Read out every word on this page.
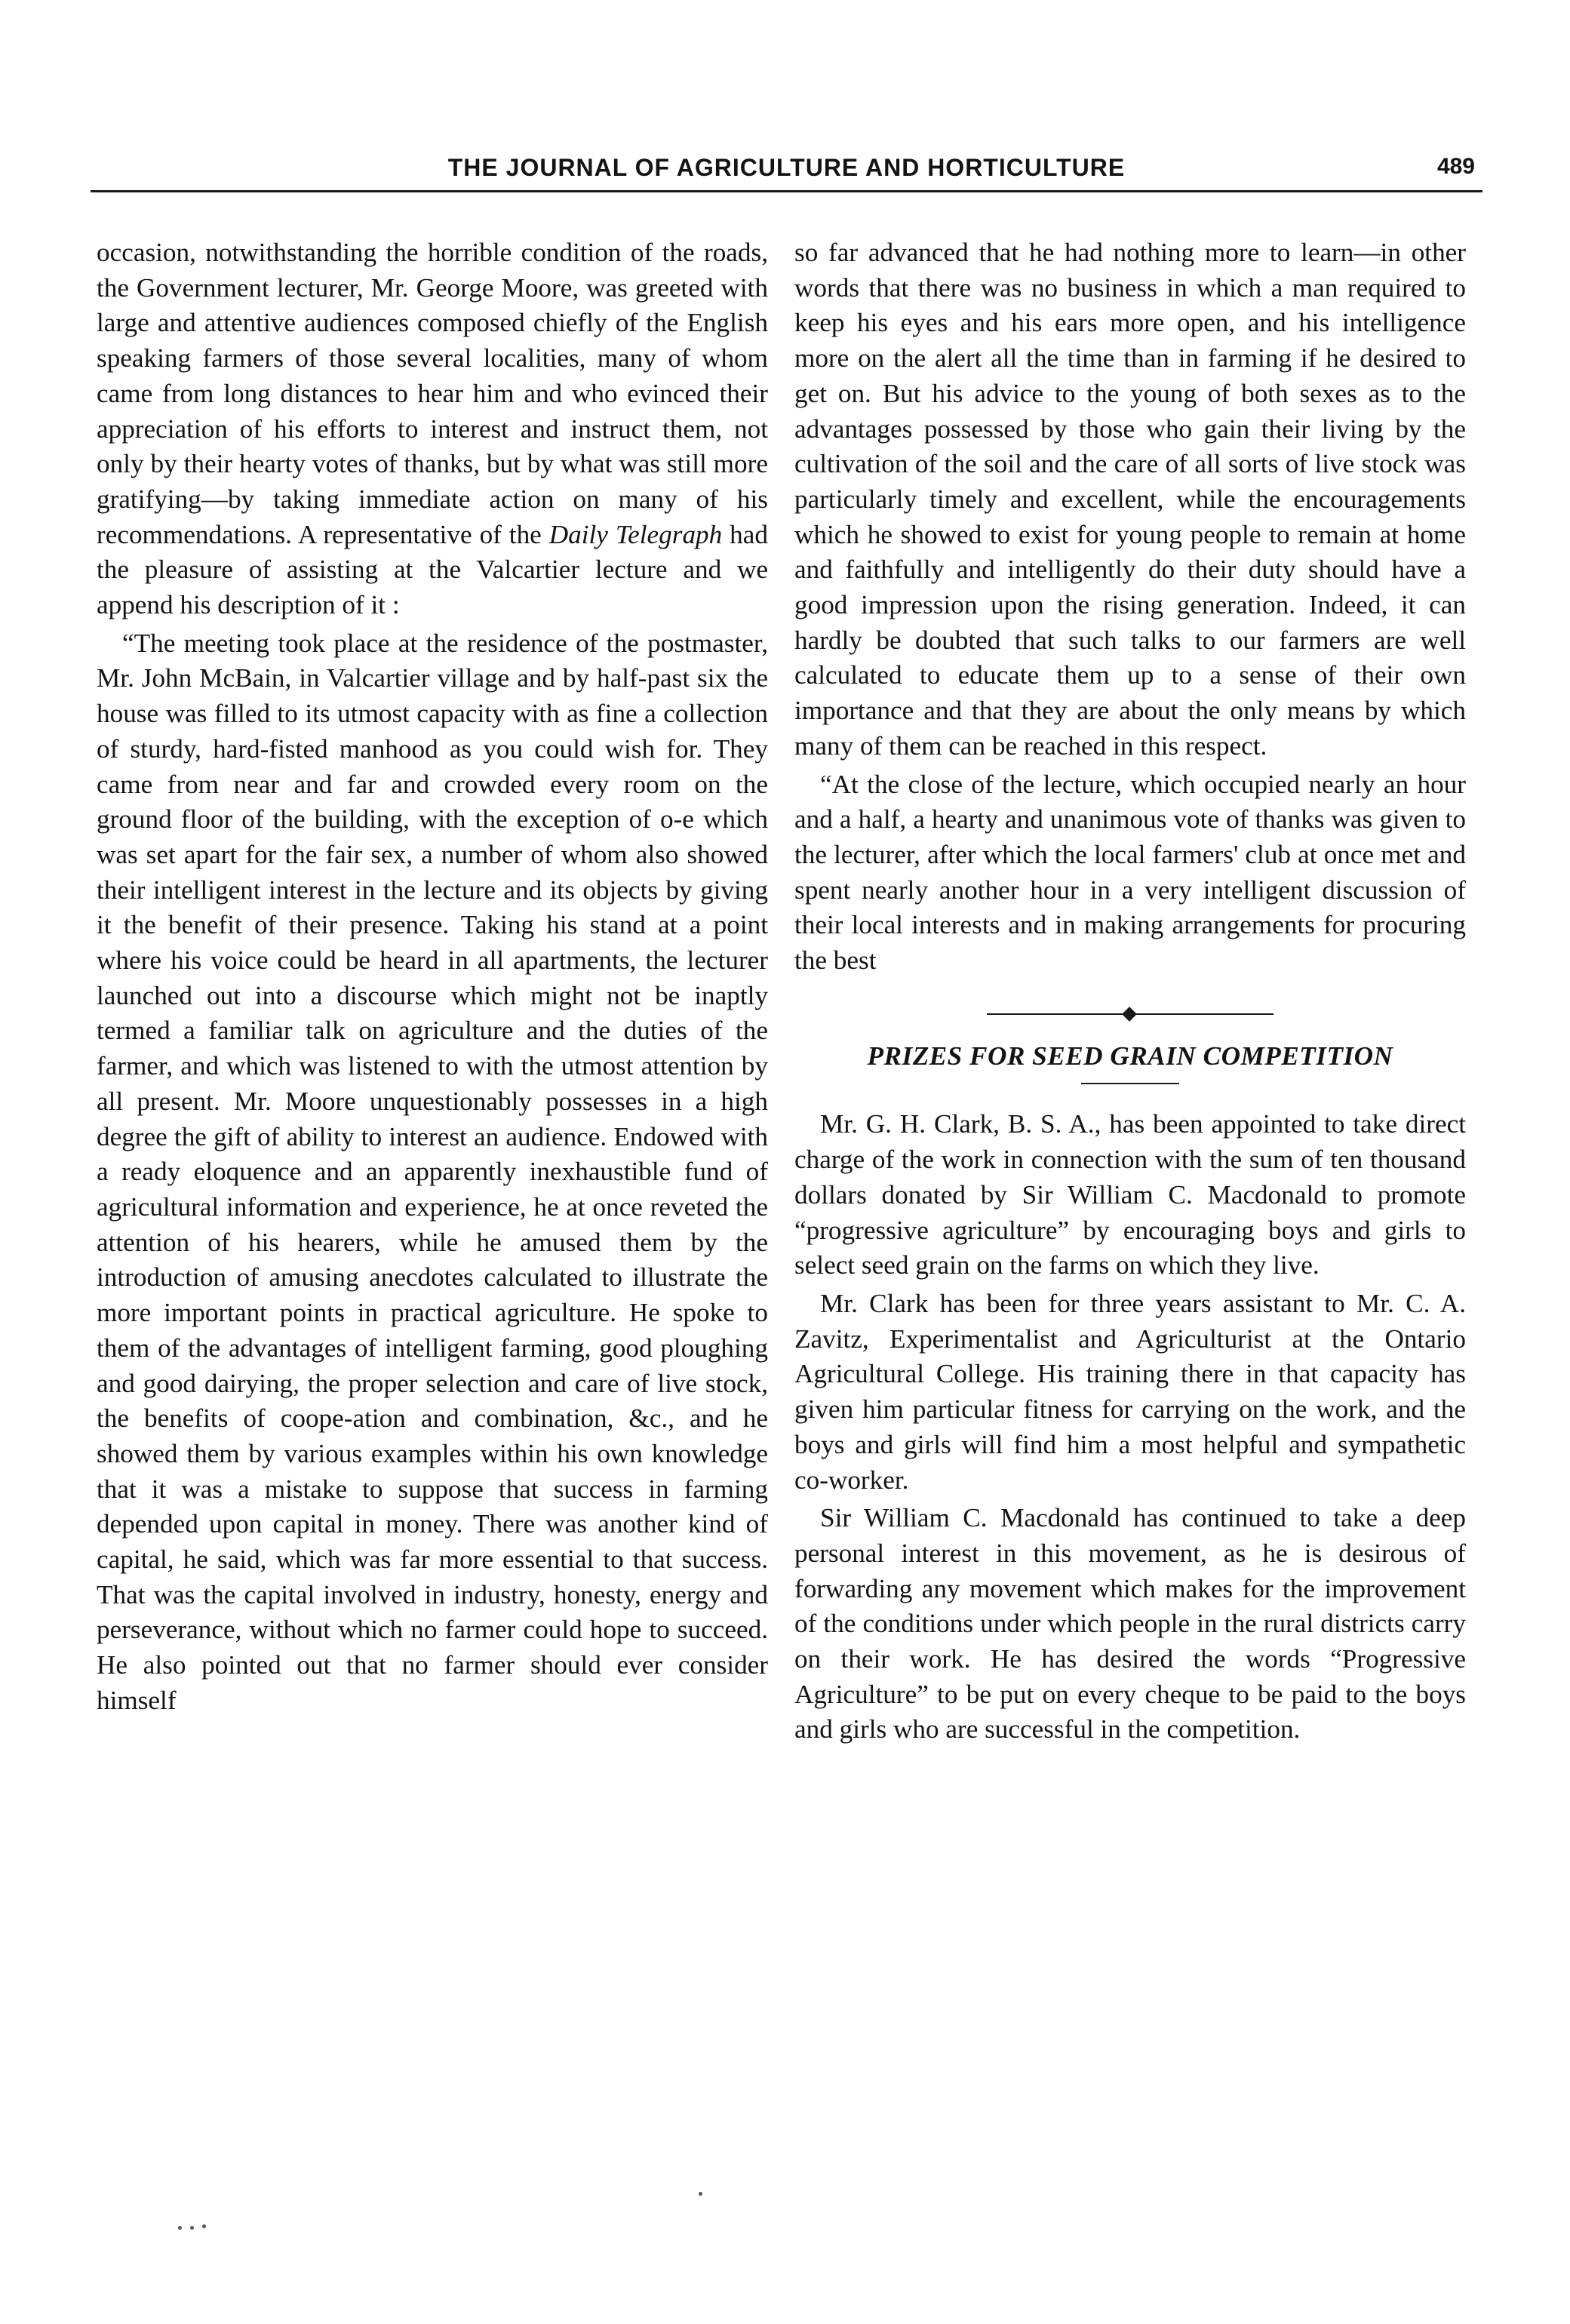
THE JOURNAL OF AGRICULTURE AND HORTICULTURE	489

occasion, notwithstanding the horrible condition of the roads, the Government lecturer, Mr. George Moore, was greeted with large and attentive audiences composed chiefly of the English speaking farmers of those several localities, many of whom came from long distances to hear him and who evinced their appreciation of his efforts to interest and instruct them, not only by their hearty votes of thanks, but by what was still more gratifying—by taking immediate action on many of his recommendations. A representative of the Daily Telegraph had the pleasure of assisting at the Valcartier lecture and we append his description of it :

“The meeting took place at the residence of the postmaster, Mr. John McBain, in Valcartier village and by half-past six the house was filled to its utmost capacity with as fine a collection of sturdy, hard-fisted manhood as you could wish for. They came from near and far and crowded every room on the ground floor of the building, with the exception of o-e which was set apart for the fair sex, a number of whom also showed their intelligent interest in the lecture and its objects by giving it the benefit of their presence. Taking his stand at a point where his voice could be heard in all apartments, the lecturer launched out into a discourse which might not be inaptly termed a familiar talk on agriculture and the duties of the farmer, and which was listened to with the utmost attention by all present. Mr. Moore unquestionably possesses in a high degree the gift of ability to interest an audience. Endowed with a ready eloquence and an apparently inexhaustible fund of agricultural information and experience, he at once reveted the attention of his hearers, while he amused them by the introduction of amusing anecdotes calculated to illustrate the more important points in practical agriculture. He spoke to them of the advantages of intelligent farming, good ploughing and good dairying, the proper selection and care of live stock, the benefits of coope-ation and combination, &c., and he showed them by various examples within his own knowledge that it was a mistake to suppose that success in farming depended upon capital in money. There was another kind of capital, he said, which was far more essential to that success. That was the capital involved in industry, honesty, energy and perseverance, without which no farmer could hope to succeed. He also pointed out that no farmer should ever consider himself

so far advanced that he had nothing more to learn—in other words that there was no business in which a man required to keep his eyes and his ears more open, and his intelligence more on the alert all the time than in farming if he desired to get on. But his advice to the young of both sexes as to the advantages possessed by those who gain their living by the cultivation of the soil and the care of all sorts of live stock was particularly timely and excellent, while the encouragements which he showed to exist for young people to remain at home and faithfully and intelligently do their duty should have a good impression upon the rising generation. Indeed, it can hardly be doubted that such talks to our farmers are well calculated to educate them up to a sense of their own importance and that they are about the only means by which many of them can be reached in this respect.

“At the close of the lecture, which occupied nearly an hour and a half, a hearty and unanimous vote of thanks was given to the lecturer, after which the local farmers' club at once met and spent nearly another hour in a very intelligent discussion of their local interests and in making arrangements for procuring the best

PRIZES FOR SEED GRAIN COMPETITION

Mr. G. H. Clark, B. S. A., has been appointed to take direct charge of the work in connection with the sum of ten thousand dollars donated by Sir William C. Macdonald to promote “progressive agriculture” by encouraging boys and girls to select seed grain on the farms on which they live.

Mr. Clark has been for three years assistant to Mr. C. A. Zavitz, Experimentalist and Agriculturist at the Ontario Agricultural College. His training there in that capacity has given him particular fitness for carrying on the work, and the boys and girls will find him a most helpful and sympathetic co-worker.

Sir William C. Macdonald has continued to take a deep personal interest in this movement, as he is desirous of forwarding any movement which makes for the improvement of the conditions under which people in the rural districts carry on their work. He has desired the words “Progressive Agriculture” to be put on every cheque to be paid to the boys and girls who are successful in the competition.
